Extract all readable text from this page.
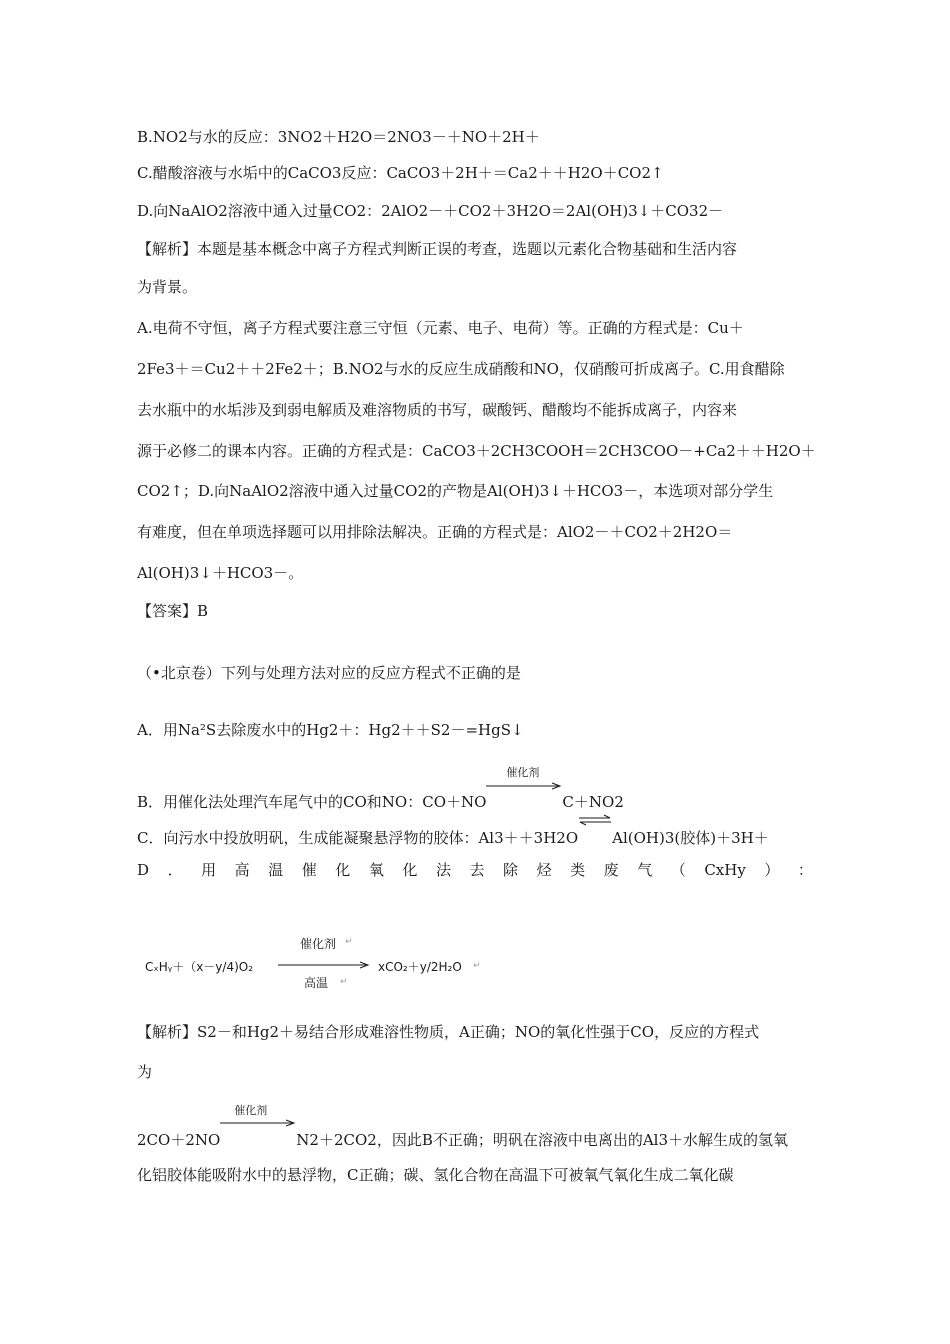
B.NO2与水的反应：3NO2＋H2O＝2NO3－＋NO＋2H＋
C.醋酸溶液与水垢中的CaCO3反应：CaCO3＋2H＋＝Ca2＋＋H2O＋CO2↑
D.向NaAlO2溶液中通入过量CO2：2AlO2－＋CO2＋3H2O＝2Al(OH)3↓＋CO32－
【解析】本题是基本概念中离子方程式判断正误的考查，选题以元素化合物基础和生活内容
为背景。
A.电荷不守恒，离子方程式要注意三守恒（元素、电子、电荷）等。正确的方程式是：Cu＋
2Fe3＋＝Cu2＋＋2Fe2＋；B.NO2与水的反应生成硝酸和NO，仅硝酸可折成离子。C.用食醋除
去水瓶中的水垢涉及到弱电解质及难溶物质的书写，碳酸钙、醋酸均不能拆成离子，内容来
源于必修二的课本内容。正确的方程式是：CaCO3＋2CH3COOH＝2CH3COO－+Ca2＋＋H2O＋
CO2↑；D.向NaAlO2溶液中通入过量CO2的产物是Al(OH)3↓＋HCO3－，本选项对部分学生
有难度，但在单项选择题可以用排除法解决。正确的方程式是：AlO2－＋CO2＋2H2O＝
Al(OH)3↓＋HCO3－。
【答案】B
（•北京卷）下列与处理方法对应的反应方程式不正确的是
A．用Na²S去除废水中的Hg2＋：Hg2＋＋S2－=HgS↓
B．用催化法处理汽车尾气中的CO和NO：CO＋NO
催化剂
C＋NO2
C．向污水中投放明矾，生成能凝聚悬浮物的胶体：Al3＋＋3H2O⇌Al(OH)3(胶体)＋3H＋
D ． 用 高 温 催 化 氧 化 法 去 除 烃 类 废 气 （ CxHy ） ：
CₓHᵧ＋（x－y/4)O₂
催化剂 ↵
高温 ↵
xCO₂＋y/2H₂O ↵
【解析】S2－和Hg2＋易结合形成难溶性物质，A正确；NO的氧化性强于CO，反应的方程式
为
2CO＋2NO
催化剂
N2＋2CO2，因此B不正确；明矾在溶液中电离出的Al3＋水解生成的氢氧
化铝胶体能吸附水中的悬浮物，C正确；碳、氢化合物在高温下可被氧气氧化生成二氧化碳
